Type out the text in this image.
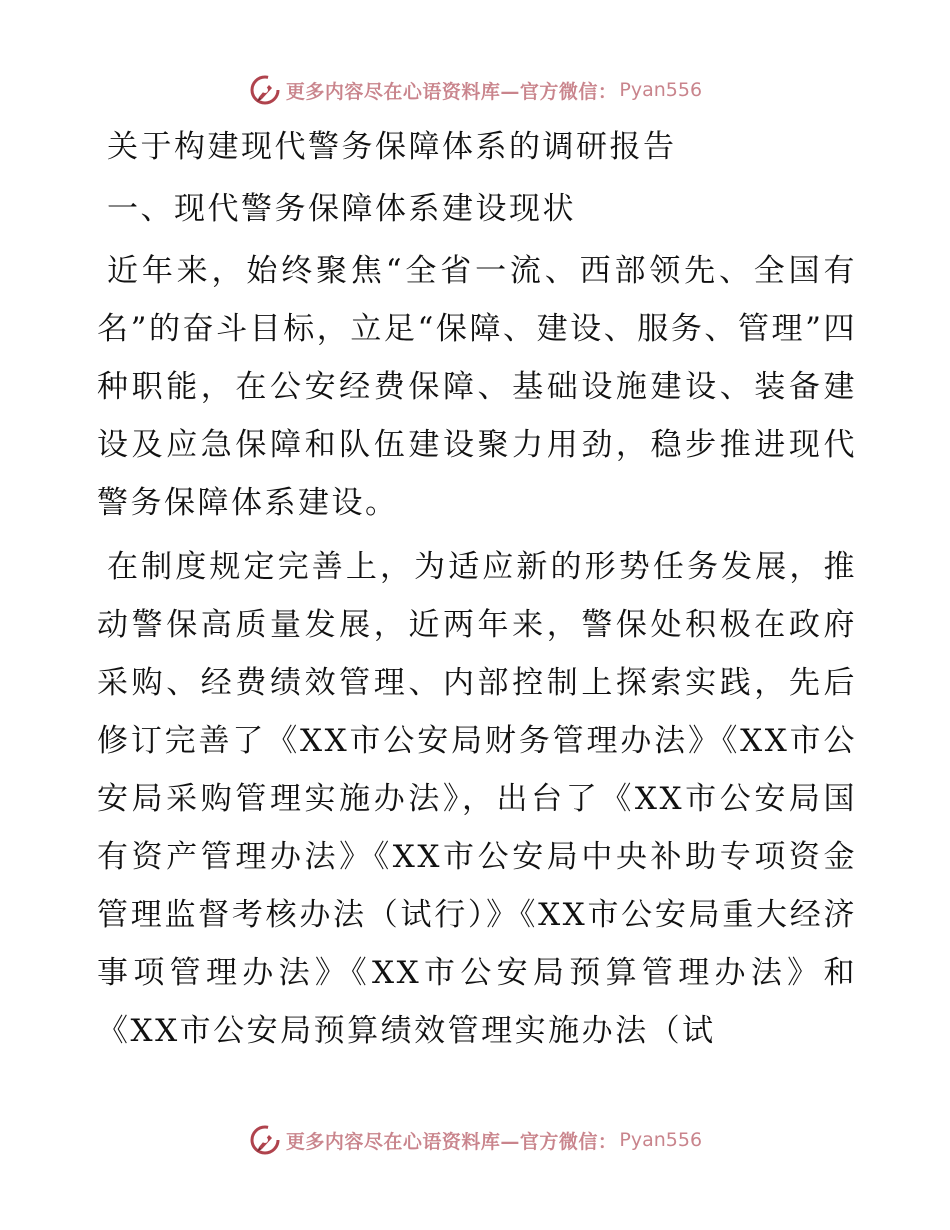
更多内容尽在心语资料库—官方微信： Pyan556
关于构建现代警务保障体系的调研报告
一、现代警务保障体系建设现状
近年来，始终聚焦“全省一流、西部领先、全国有名”的奋斗目标，立足“保障、建设、服务、管理”四种职能，在公安经费保障、基础设施建设、装备建设及应急保障和队伍建设聚力用劲，稳步推进现代警务保障体系建设。
在制度规定完善上，为适应新的形势任务发展，推动警保高质量发展，近两年来，警保处积极在政府采购、经费绩效管理、内部控制上探索实践，先后修订完善了《XX市公安局财务管理办法》《XX市公安局采购管理实施办法》，出台了《XX市公安局国有资产管理办法》《XX市公安局中央补助专项资金管理监督考核办法（试行）》《XX市公安局重大经济事项管理办法》《XX市公安局预算管理办法》和《XX市公安局预算绩效管理实施办法（试
更多内容尽在心语资料库—官方微信： Pyan556
